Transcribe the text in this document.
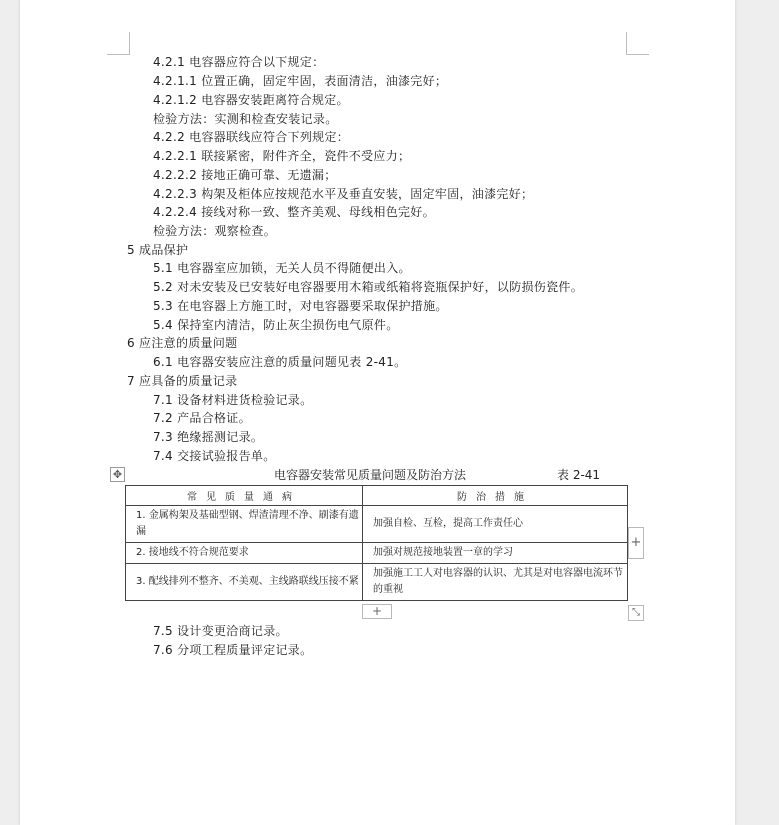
4.2.1 电容器应符合以下规定：
4.2.1.1 位置正确，固定牢固，表面清洁，油漆完好；
4.2.1.2 电容器安装距离符合规定。
检验方法：实测和检查安装记录。
4.2.2 电容器联线应符合下列规定：
4.2.2.1 联接紧密，附件齐全，瓷件不受应力；
4.2.2.2 接地正确可靠、无遗漏；
4.2.2.3 构架及柜体应按规范水平及垂直安装，固定牢固，油漆完好；
4.2.2.4 接线对称一致、整齐美观、母线相色完好。
检验方法：观察检查。
5 成品保护
5.1 电容器室应加锁，无关人员不得随便出入。
5.2 对未安装及已安装好电容器要用木箱或纸箱将瓷瓶保护好，以防损伤瓷件。
5.3 在电容器上方施工时，对电容器要采取保护措施。
5.4 保持室内清洁，防止灰尘损伤电气原件。
6 应注意的质量问题
6.1 电容器安装应注意的质量问题见表 2-41。
7 应具备的质量记录
7.1 设备材料进货检验记录。
7.2 产品合格证。
7.3 绝缘摇测记录。
7.4 交接试验报告单。
✥	电容器安装常见质量问题及防治方法	表 2-41
常见质量通病	防治措施
1. 金属构架及基础型钢、焊渣清理不净、刷漆有遗漏	加强自检、互检，提高工作责任心
2. 接地线不符合规范要求	加强对规范接地装置一章的学习
3. 配线排列不整齐、不美观、主线路联线压接不紧	加强施工工人对电容器的认识、尤其是对电容器电流环节的重视
+
+	⤡
7.5 设计变更洽商记录。
7.6 分项工程质量评定记录。
